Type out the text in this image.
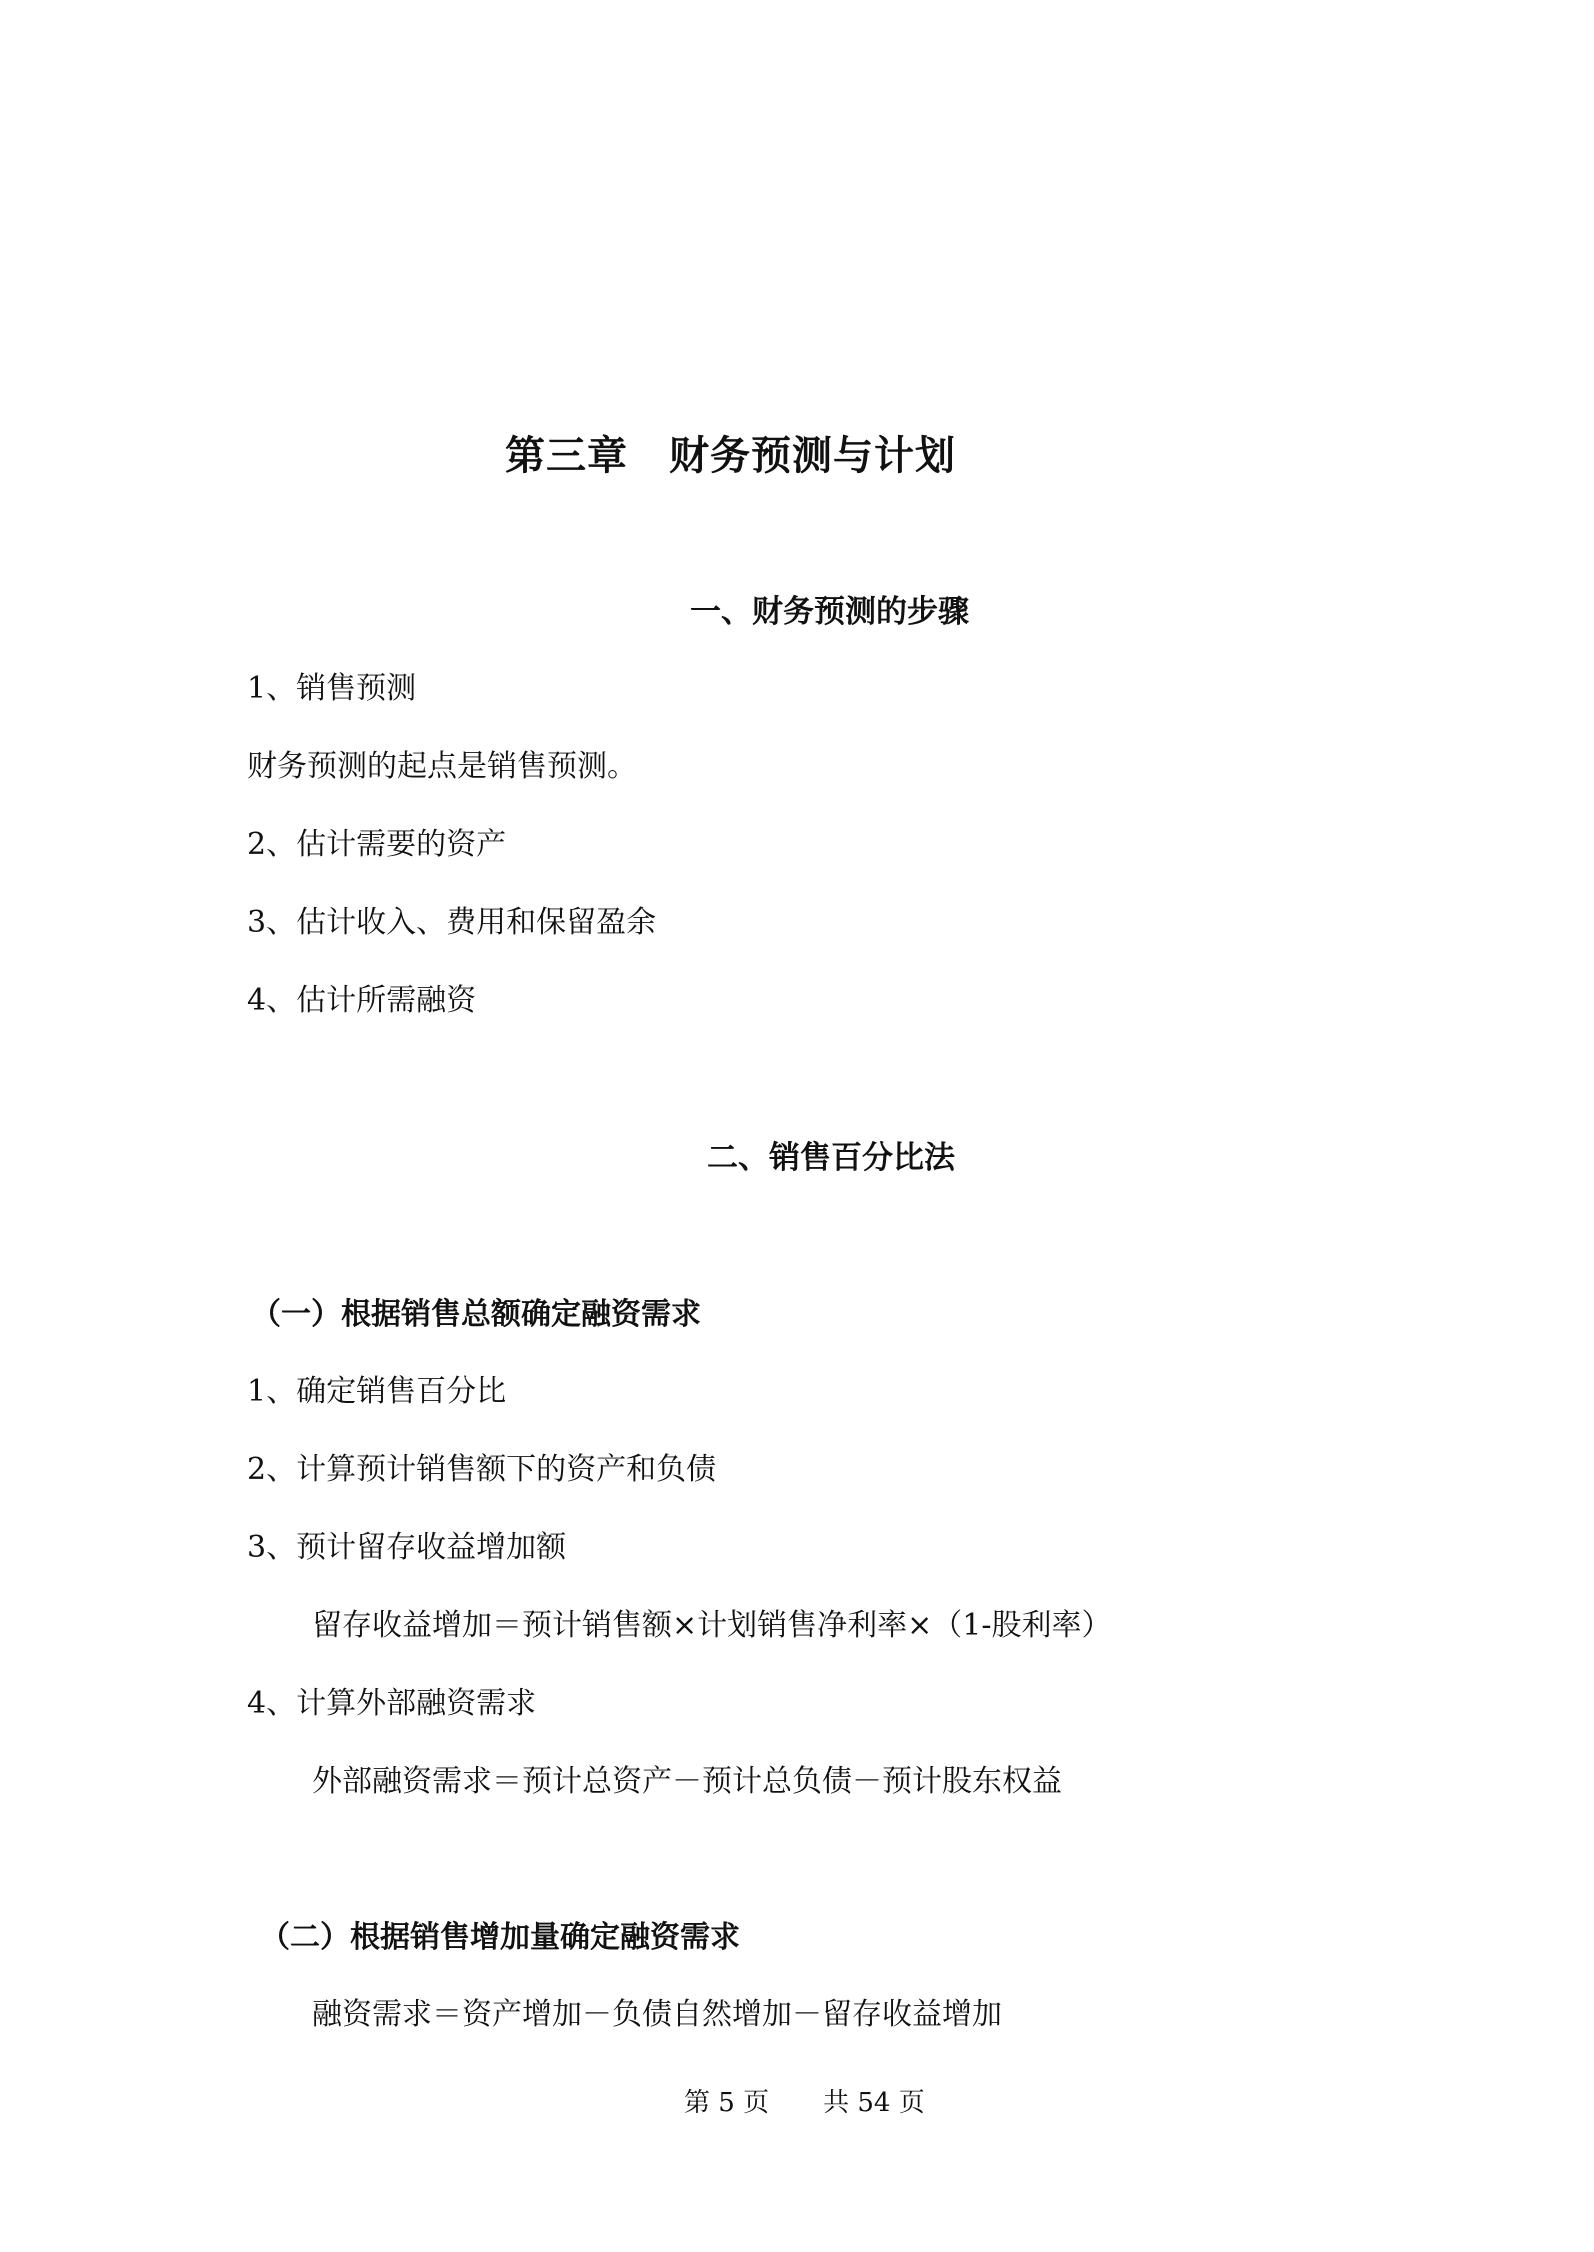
第三章　财务预测与计划
一、财务预测的步骤
1、销售预测
财务预测的起点是销售预测。
2、估计需要的资产
3、估计收入、费用和保留盈余
4、估计所需融资
二、销售百分比法
（一）根据销售总额确定融资需求
1、确定销售百分比
2、计算预计销售额下的资产和负债
3、预计留存收益增加额
留存收益增加＝预计销售额×计划销售净利率×（1-股利率）
4、计算外部融资需求
外部融资需求＝预计总资产－预计总负债－预计股东权益
（二）根据销售增加量确定融资需求
融资需求＝资产增加－负债自然增加－留存收益增加
第 5 页 共 54 页
